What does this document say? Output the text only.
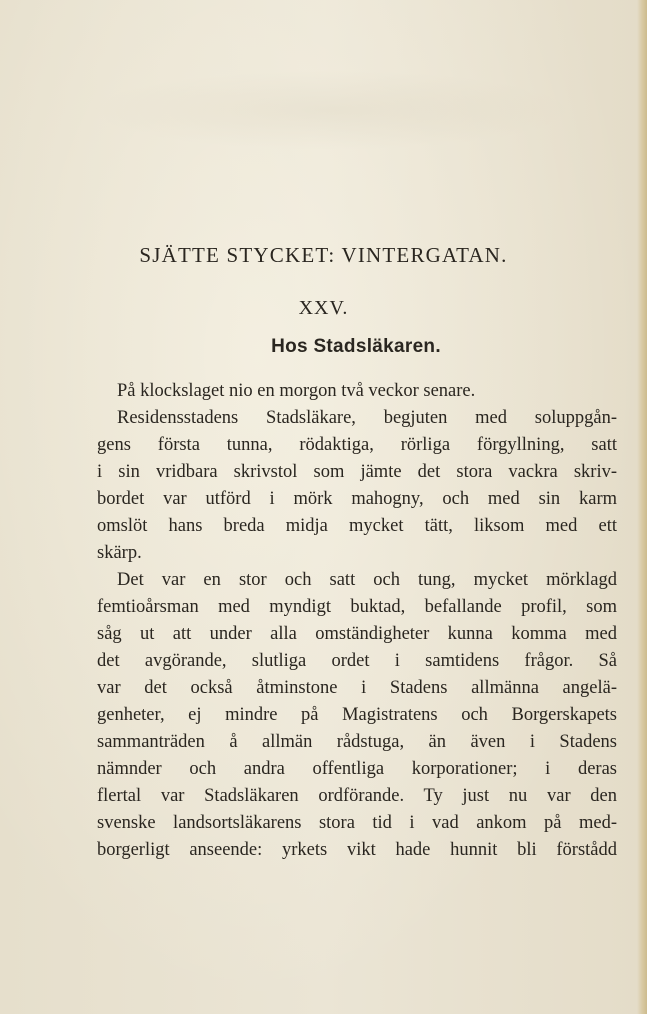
SJÄTTE STYCKET: VINTERGATAN.
XXV.
Hos Stadsläkaren.
På klockslaget nio en morgon två veckor senare.
Residensstadens Stadsläkare, begjuten med soluppgån-
gens första tunna, rödaktiga, rörliga förgyllning, satt
i sin vridbara skrivstol som jämte det stora vackra skriv-
bordet var utförd i mörk mahogny, och med sin karm
omslöt hans breda midja mycket tätt, liksom med ett
skärp.
Det var en stor och satt och tung, mycket mörklagd
femtioårsman med myndigt buktad, befallande profil, som
såg ut att under alla omständigheter kunna komma med
det avgörande, slutliga ordet i samtidens frågor. Så
var det också åtminstone i Stadens allmänna angelä-
genheter, ej mindre på Magistratens och Borgerskapets
sammanträden å allmän rådstuga, än även i Stadens
nämnder och andra offentliga korporationer; i deras
flertal var Stadsläkaren ordförande. Ty just nu var den
svenske landsortsläkarens stora tid i vad ankom på med-
borgerligt anseende: yrkets vikt hade hunnit bli förstådd
